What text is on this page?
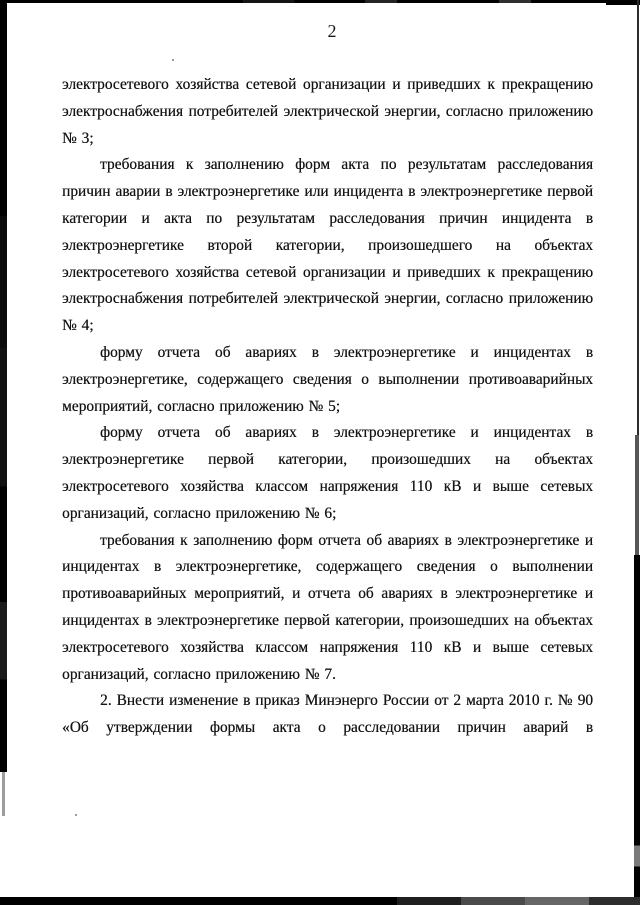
2

электросетевого хозяйства сетевой организации и приведших к прекращению электроснабжения потребителей электрической энергии, согласно приложению № 3;

требования к заполнению форм акта по результатам расследования причин аварии в электроэнергетике или инцидента в электроэнергетике первой категории и акта по результатам расследования причин инцидента в электроэнергетике второй категории, произошедшего на объектах электросетевого хозяйства сетевой организации и приведших к прекращению электроснабжения потребителей электрической энергии, согласно приложению № 4;

форму отчета об авариях в электроэнергетике и инцидентах в электроэнергетике, содержащего сведения о выполнении противоаварийных мероприятий, согласно приложению № 5;

форму отчета об авариях в электроэнергетике и инцидентах в электроэнергетике первой категории, произошедших на объектах электросетевого хозяйства классом напряжения 110 кВ и выше сетевых организаций, согласно приложению № 6;

требования к заполнению форм отчета об авариях в электроэнергетике и инцидентах в электроэнергетике, содержащего сведения о выполнении противоаварийных мероприятий, и отчета об авариях в электроэнергетике и инцидентах в электроэнергетике первой категории, произошедших на объектах электросетевого хозяйства классом напряжения 110 кВ и выше сетевых организаций, согласно приложению № 7.

2. Внести изменение в приказ Минэнерго России от 2 марта 2010 г. № 90 «Об утверждении формы акта о расследовании причин аварий в
